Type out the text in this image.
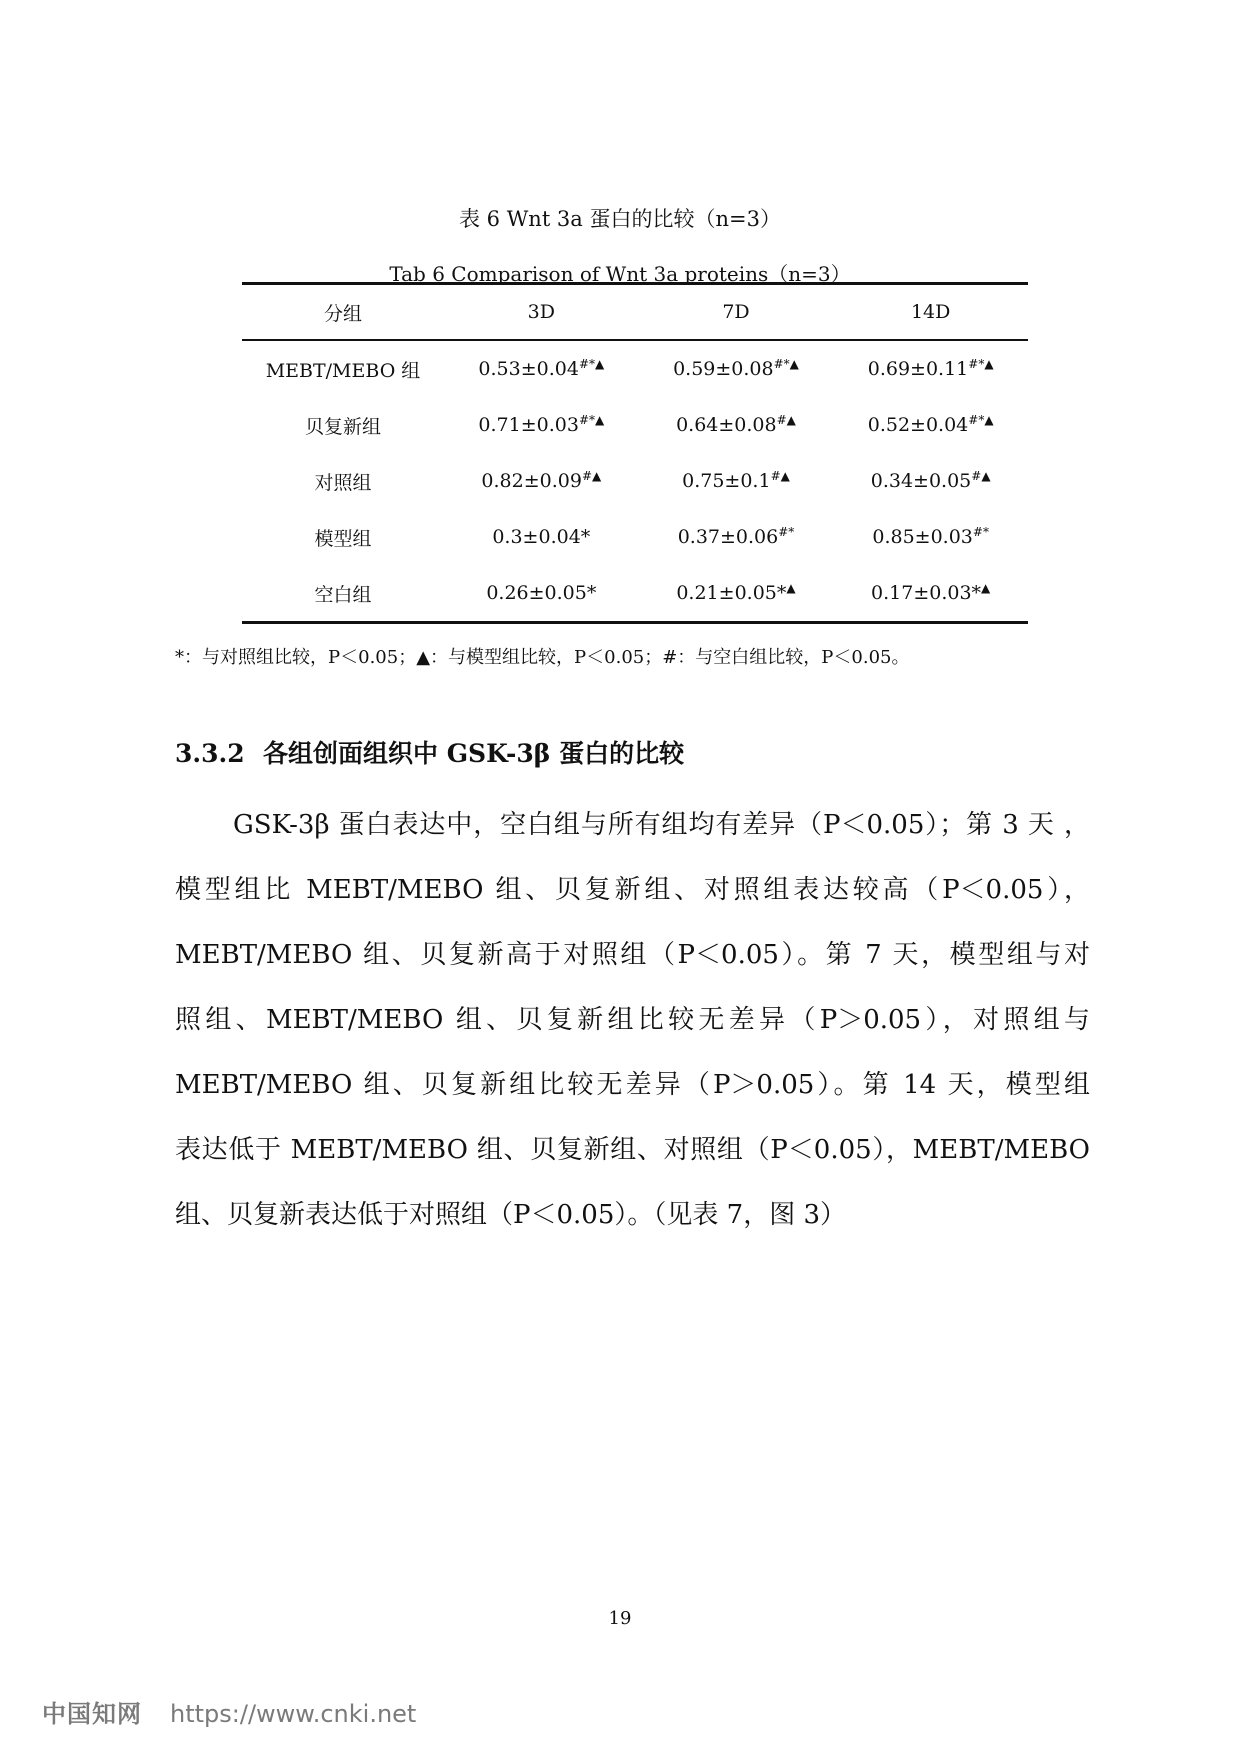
表 6 Wnt 3a 蛋白的比较（n=3）
Tab 6 Comparison of Wnt 3a proteins（n=3）
分组	3D	7D	14D
MEBT/MEBO 组	0.53±0.04#*▲	0.59±0.08#*▲	0.69±0.11#*▲
贝复新组	0.71±0.03#*▲	0.64±0.08#▲	0.52±0.04#*▲
对照组	0.82±0.09#▲	0.75±0.1#▲	0.34±0.05#▲
模型组	0.3±0.04*	0.37±0.06#*	0.85±0.03#*
空白组	0.26±0.05*	0.21±0.05*▲	0.17±0.03*▲
*：与对照组比较，P＜0.05；▲：与模型组比较，P＜0.05；#：与空白组比较，P＜0.05。
3.3.2 各组创面组织中 GSK-3β 蛋白的比较
GSK-3β 蛋白表达中，空白组与所有组均有差异（P＜0.05）；第 3 天 ，
模型组比 MEBT/MEBO 组、贝复新组、对照组表达较高（P＜0.05），
MEBT/MEBO 组、贝复新高于对照组（P＜0.05）。第 7 天，模型组与对
照组、MEBT/MEBO 组、贝复新组比较无差异（P＞0.05），对照组与
MEBT/MEBO 组、贝复新组比较无差异（P＞0.05）。第 14 天，模型组
表达低于 MEBT/MEBO 组、贝复新组、对照组（P＜0.05），MEBT/MEBO
组、贝复新表达低于对照组（P＜0.05）。（见表 7，图 3）
19
中国知网 https://www.cnki.net
